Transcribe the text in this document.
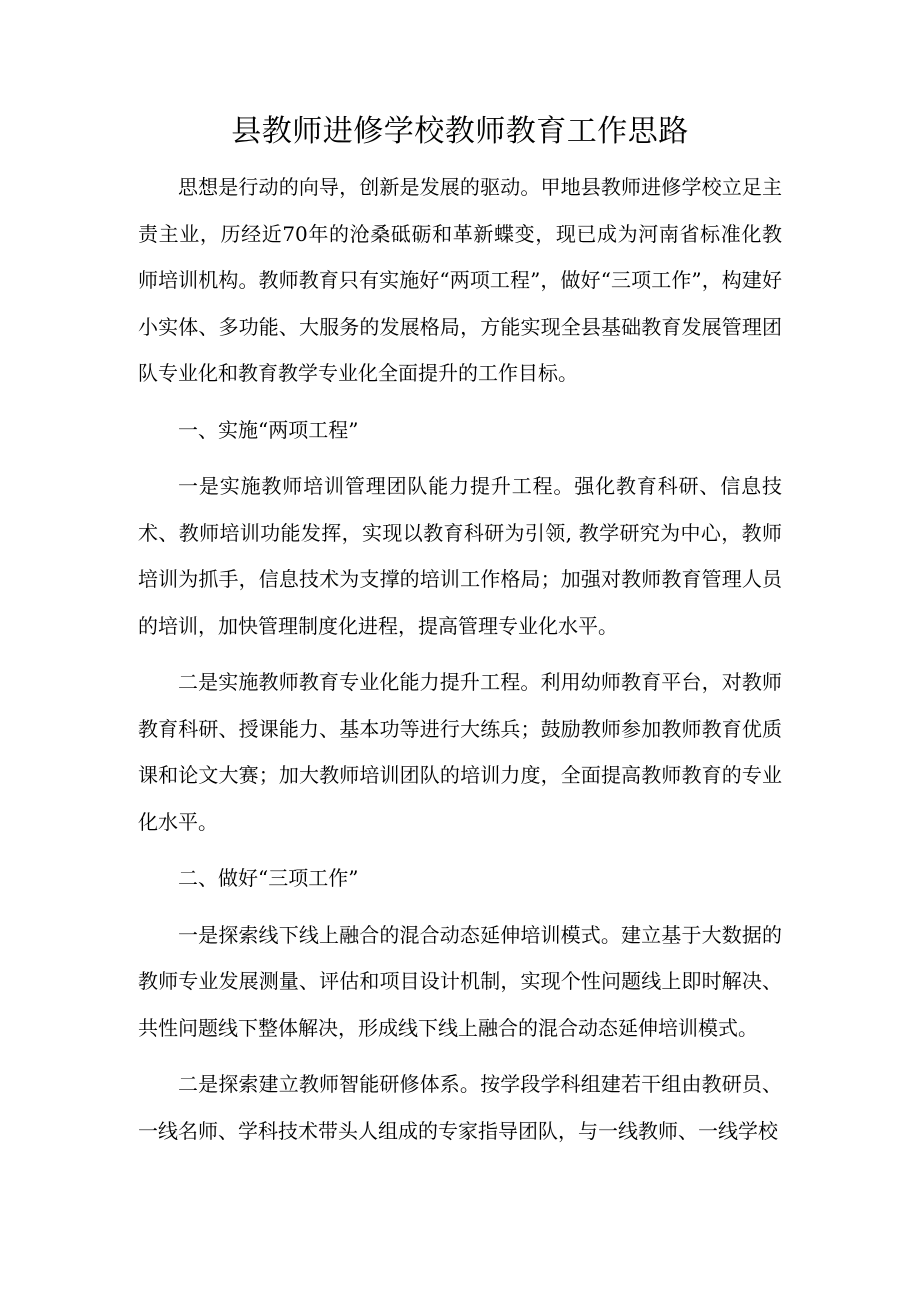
县教师进修学校教师教育工作思路

思想是行动的向导，创新是发展的驱动。甲地县教师进修学校立足主责主业，历经近70年的沧桑砥砺和革新蝶变，现已成为河南省标准化教师培训机构。教师教育只有实施好“两项工程”，做好“三项工作”，构建好小实体、多功能、大服务的发展格局，方能实现全县基础教育发展管理团队专业化和教育教学专业化全面提升的工作目标。

一、实施“两项工程”

一是实施教师培训管理团队能力提升工程。强化教育科研、信息技术、教师培训功能发挥，实现以教育科研为引领, 教学研究为中心，教师培训为抓手，信息技术为支撑的培训工作格局；加强对教师教育管理人员的培训，加快管理制度化进程，提高管理专业化水平。

二是实施教师教育专业化能力提升工程。利用幼师教育平台，对教师教育科研、授课能力、基本功等进行大练兵；鼓励教师参加教师教育优质课和论文大赛；加大教师培训团队的培训力度，全面提高教师教育的专业化水平。

二、做好“三项工作”

一是探索线下线上融合的混合动态延伸培训模式。建立基于大数据的教师专业发展测量、评估和项目设计机制，实现个性问题线上即时解决、共性问题线下整体解决，形成线下线上融合的混合动态延伸培训模式。

二是探索建立教师智能研修体系。按学段学科组建若干组由教研员、一线名师、学科技术带头人组成的专家指导团队，与一线教师、一线学校
